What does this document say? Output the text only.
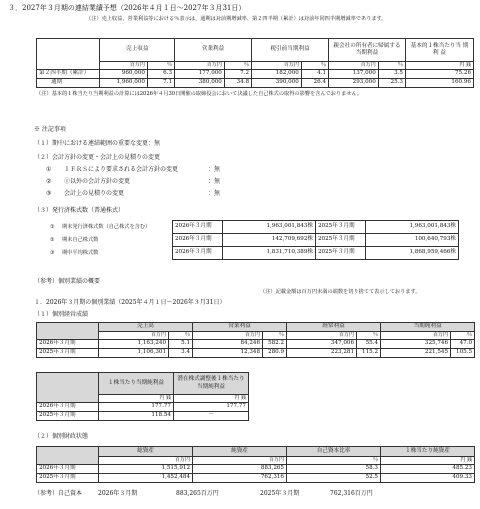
３．2027年３月期の連結業績予想（2026年４月１日～2027年３月31日）
（注）売上収益、営業利益等における％表示は、通期は対前期増減率、第２四半期（累計）は対前年同四半期増減率であります。
	売上収益		営業利益		税引前当期利益		親会社の所有者に帰属する当期利益		基本的１株当たり当 期 利 益
	百万円	％	百万円	％	百万円	％	百万円	％	円 銭
第２四半期（累計）	960,000	6.3	177,000	7.2	182,000	4.1	137,000	3.5	75.26
通期	1,960,000	7.1	380,000	34.8	390,000	26.4	293,000	25.3	160.96
（注）基本的１株当たり当期利益の計算には2026年４月30日開催の取締役会において決議した自己株式の取得の影響を含んでおりません。
※ 注記事項
（１）期中における連結範囲の重要な変更：無
（２）会計方針の変更・会計上の見積りの変更
① ＩＦＲＳにより要求される会計方針の変更	：無
② ①以外の会計方針の変更	：無
③ 会計上の見積りの変更	：無
（３）発行済株式数（普通株式）
① 期末発行済株式数（自己株式を含む）
② 期末自己株式数
③ 期中平均株式数
2026年３月期	1,963,001,843株	2025年３月期	1,963,001,843株
2026年３月期	142,709,692株	2025年３月期	100,640,793株
2026年３月期	1,831,710,389株	2025年３月期	1,868,959,466株
（参考）個別業績の概要
１．2026年３月期の個別業績（2025年４月１日～2026年３月31日）
（注）記載金額は百万円未満の端数を切り捨てて表示しております。
（１）個別経営成績
	売上高		営業利益		経常利益		当期純利益	
	百万円	％	百万円	％	百万円	％	百万円	％
2026年３月期	1,163,240	5.1	84,246	582.2	347,006	55.4	325,746	47.0
2025年３月期	1,106,301	3.4	12,348	280.9	223,281	115.2	221,545	105.5
	１株当たり当期純利益	潜在株式調整後１株当たり当期純利益
	円 銭	円 銭
2026年３月期	177.77	177.77
2025年３月期	118.54	－
（２）個別財政状態
	総資産	純資産	自己資本比率	１株当たり純資産
	百万円	百万円	％	円 銭
2026年３月期	1,515,912	883,265	58.3	485.23
2025年３月期	1,452,484	762,316	52.5	409.33
（参考）自己資本	2026年３月期	883,265百万円	2025年３月期	762,316百万円
